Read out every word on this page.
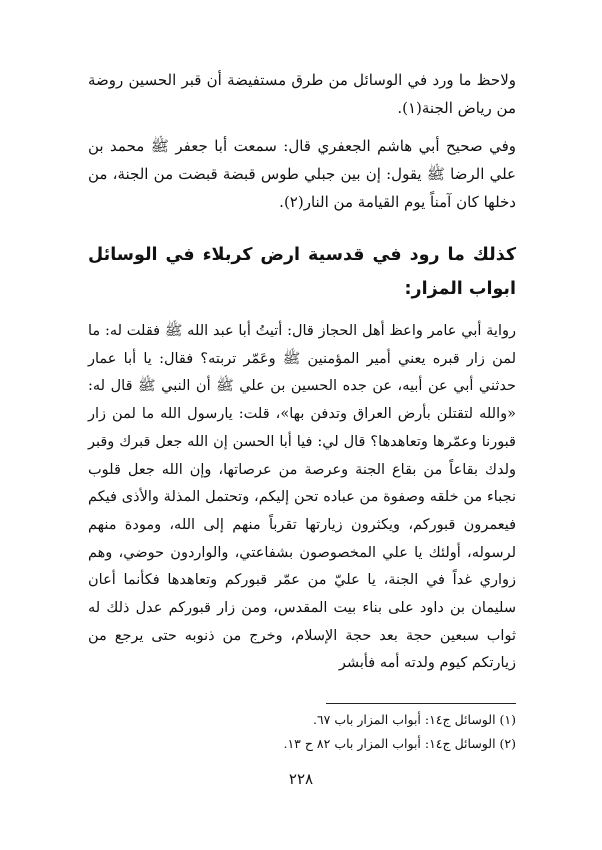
ولاحظ ما ورد في الوسائل من طرق مستفيضة أن قبر الحسين روضة من رياض الجنة(١).

وفي صحيح أبي هاشم الجعفري قال: سمعت أبا جعفر ﷺ محمد بن علي الرضا ﷺ يقول: إن بين جبلي طوس قبضة قبضت من الجنة، من دخلها كان آمناً يوم القيامة من النار(٢).

كذلك ما رود في قدسية ارض كربلاء في الوسائل ابواب المزار:

رواية أبي عامر واعظ أهل الحجاز قال: أتيتُ أبا عبد الله ﷺ فقلت له: ما لمن زار قبره يعني أمير المؤمنين ﷺ وعَمّر تربته؟ فقال: يا أبا عمار حدثني أبي عن أبيه، عن جده الحسين بن علي ﷺ أن النبي ﷺ قال له: «والله لتقتلن بأرض العراق وتدفن بها»، قلت: يارسول الله ما لمن زار قبورنا وعمّرها وتعاهدها؟ قال لي: فيا أبا الحسن إن الله جعل قبرك وقبر ولدك بقاعاً من بقاع الجنة وعرصة من عرصاتها، وإن الله جعل قلوب نجباء من خلقه وصفوة من عباده تحن إليكم، وتحتمل المذلة والأذى فيكم فيعمرون قبوركم، ويكثرون زيارتها تقرباً منهم إلى الله، ومودة منهم لرسوله، أولئك يا علي المخصوصون بشفاعتي، والواردون حوضي، وهم زواري غداً في الجنة، يا عليّ من عمّر قبوركم وتعاهدها فكأنما أعان سليمان بن داود على بناء بيت المقدس، ومن زار قبوركم عدل ذلك له ثواب سبعين حجة بعد حجة الإسلام، وخرج من ذنوبه حتى يرجع من زيارتكم كيوم ولدته أمه فأبشر

(١) الوسائل ج١٤: أبواب المزار باب ٦٧.

(٢) الوسائل ج١٤: أبواب المزار باب ٨٢ ح ١٣.

٢٢٨
